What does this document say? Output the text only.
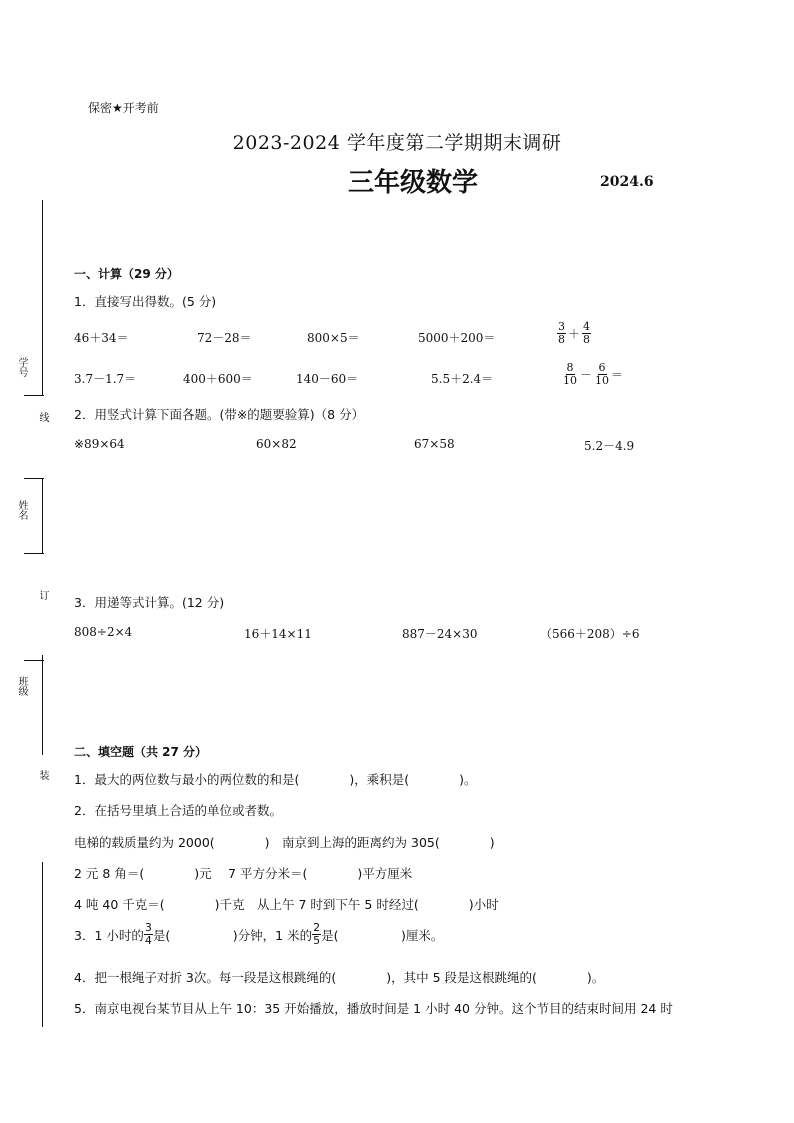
保密★开考前
2023-2024 学年度第二学期期末调研
三年级数学	2024.6
学号
线
姓名
订
班级
装
一、计算（29 分）
1．直接写出得数。(5 分)
46＋34＝	72－28＝	800×5＝	5000＋200＝	$\frac{3}{8} + \frac{4}{8}$
3.7－1.7＝	400＋600＝	140－60＝	5.5＋2.4＝	$\frac{8}{10} - \frac{6}{10}$ ＝
2．用竖式计算下面各题。(带※的题要验算)（8 分）
※89×64	60×82	67×58	5.2－4.9
3．用递等式计算。(12 分)
808÷2×4	16＋14×11	887－24×30	（566＋208）÷6
二、填空题（共 27 分）
1．最大的两位数与最小的两位数的和是(　　　　)，乘积是(　　　　)。
2．在括号里填上合适的单位或者数。
电梯的载质量约为 2000(　　　　)　南京到上海的距离约为 305(　　　　)
2 元 8 角＝(　　　　)元　 7 平方分米＝(　　　　)平方厘米
4 吨 40 千克＝(　　　　)千克　从上午 7 时到下午 5 时经过(　　　　)小时
3．1 小时的 $\frac{3}{4}$ 是(　　　　　)分钟，1 米的 $\frac{2}{5}$ 是(　　　　　)厘米。
4．把一根绳子对折 3次。每一段是这根跳绳的(　　　　)，其中 5 段是这根跳绳的(　　　　)。
5．南京电视台某节目从上午 10：35 开始播放，播放时间是 1 小时 40 分钟。这个节目的结束时间用 24 时
